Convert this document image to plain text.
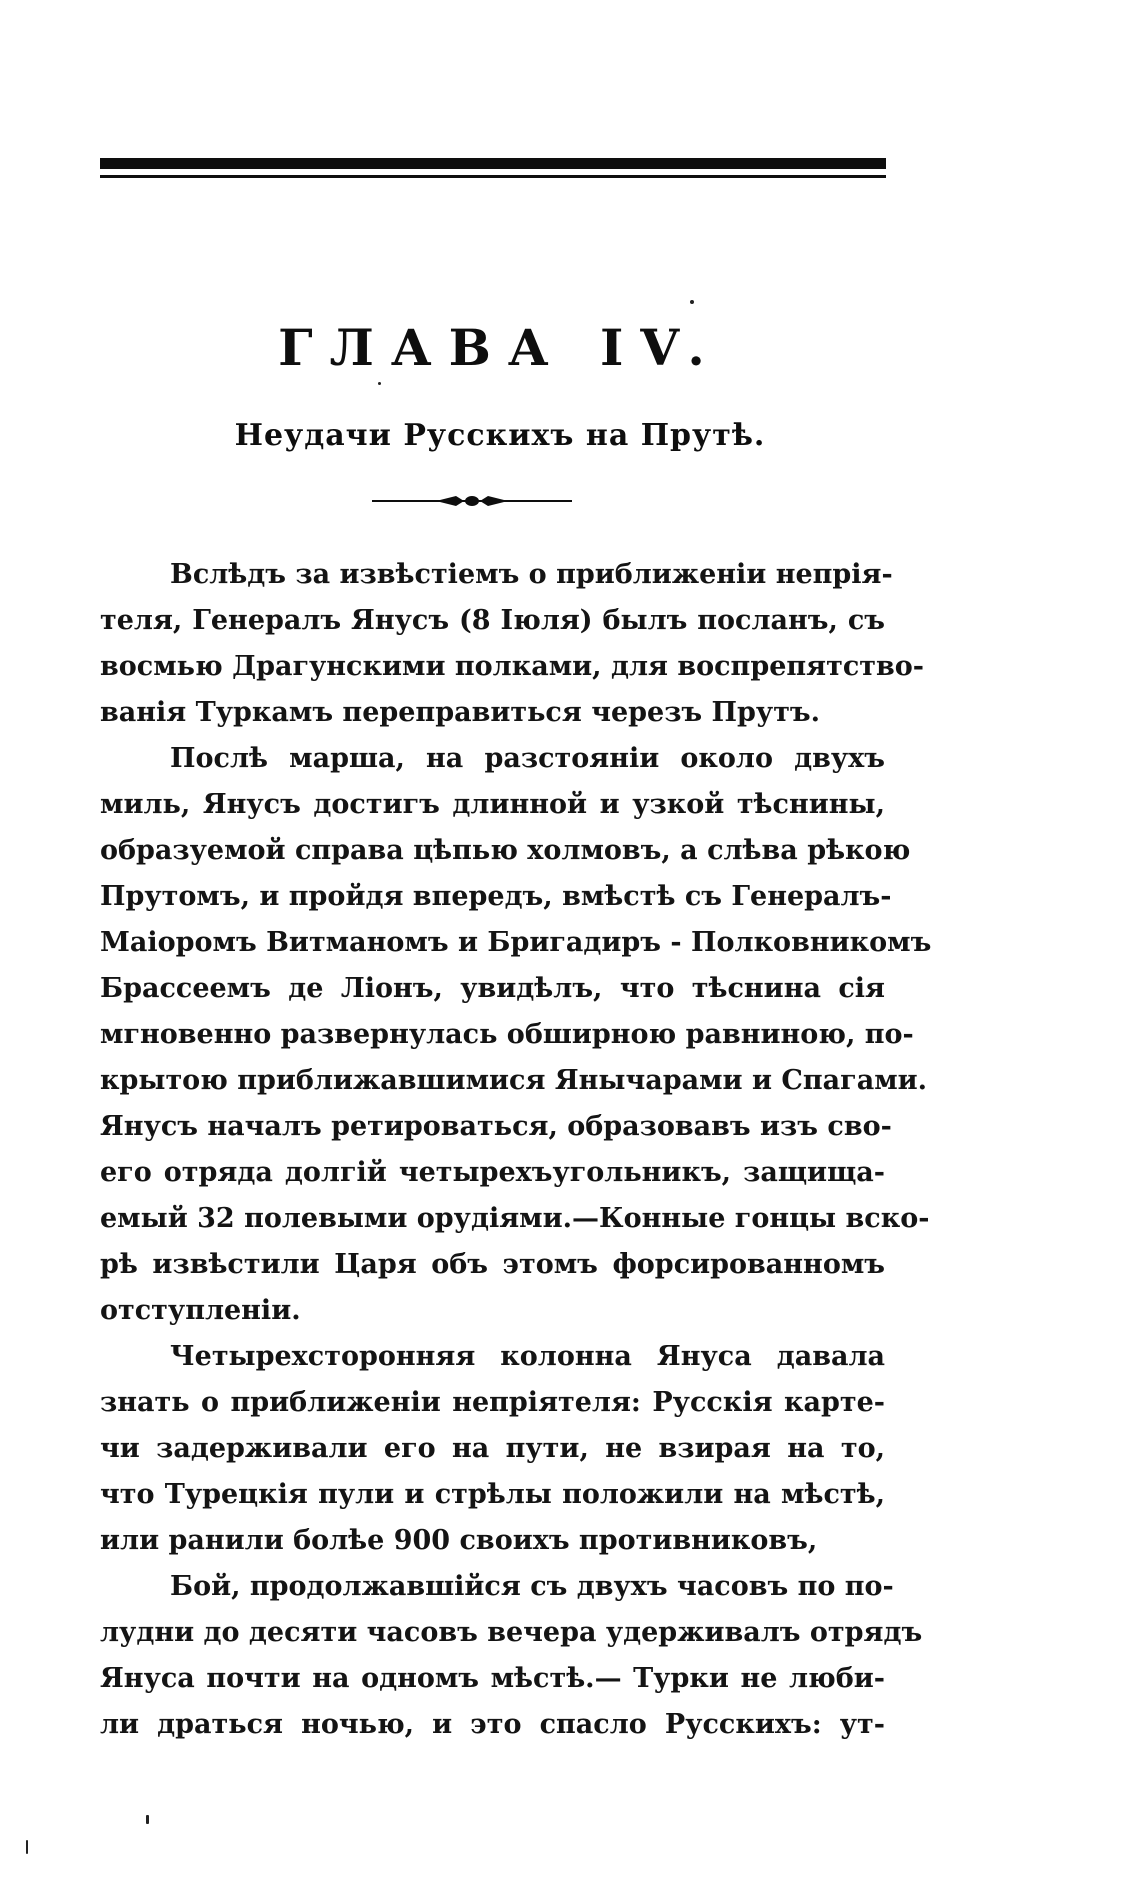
ГЛАВА IV.
Неудачи Русскихъ на Прутѣ.
Вслѣдъ за извѣстіемъ о приближеніи непрія-
теля, Генералъ Янусъ (8 Іюля) былъ посланъ, съ
восмью Драгунскими полками, для воспрепятство-
ванія Туркамъ переправиться черезъ Прутъ.
Послѣ марша, на разстояніи около двухъ
миль, Янусъ достигъ длинной и узкой тѣснины,
образуемой справа цѣпью холмовъ, а слѣва рѣкою
Прутомъ, и пройдя впередъ, вмѣстѣ съ Генералъ-
Маіоромъ Витманомъ и Бригадиръ - Полковникомъ
Брассеемъ де Ліонъ, увидѣлъ, что тѣснина сія
мгновенно развернулась обширною равниною, по-
крытою приближавшимися Янычарами и Спагами.
Янусъ началъ ретироваться, образовавъ изъ сво-
его отряда долгій четырехъугольникъ, защища-
емый 32 полевыми орудіями.—Конные гонцы вско-
рѣ извѣстили Царя объ этомъ форсированномъ
отступленіи.
Четырехсторонняя колонна Януса давала
знать о приближеніи непріятеля: Русскія карте-
чи задерживали его на пути, не взирая на то,
что Турецкія пули и стрѣлы положили на мѣстѣ,
или ранили болѣе 900 своихъ противниковъ,
Бой, продолжавшійся съ двухъ часовъ по по-
лудни до десяти часовъ вечера удерживалъ отрядъ
Януса почти на одномъ мѣстѣ.— Турки не люби-
ли драться ночью, и это спасло Русскихъ: ут-
